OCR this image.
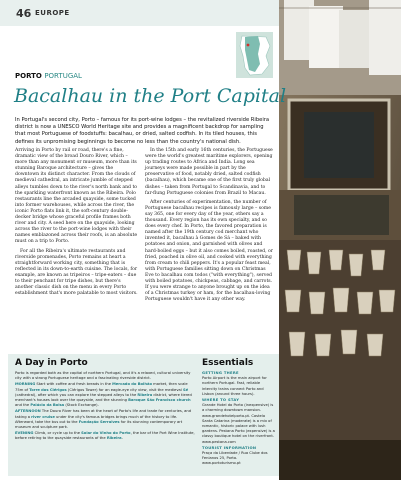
46 EUROPE
PORTO PORTUGAL
Bacalhau in the Port Capital
In Portugal's second city, Porto – famous for its port-wine lodges – the revitalized riverside Ribeira district is now a UNESCO World Heritage site and provides a magnificent backdrop for sampling that most Portuguese of foodstuffs: bacalhau, or dried, salted codfish. In its tiled houses, this defines its unpromising beginnings to become no less than the country's national dish.

Arriving in Porto by rail or road, there's a fine, dramatic view of the broad Douro River, which – more than any monument or museum, more than its stunning Baroque architecture – gives the downtown its distinct character. From the clouds of medieval cathedral, an intricate jumble of stepped alleys tumbles down to the river's north bank and to the sparkling waterfront known as the Ribeira. Polo restaurants line the arcaded quayside, some tucked into former warehouses, while across the river, the iconic Porto flats link it, the soft-century double-decker bridge whose graceful profile frames both river and city. A seed here on the quayside, looking across the river to the port-wine lodges with their names emblazoned across their roofs, is an absolute must on a trip to Porto.

For all the Ribeira's ultimate restaurants and riverside promenades, Porto remains at heart a straightforward working city, something that is reflected in its down-to-earth cuisine. The locals, for example, are known as tripeiros – tripe-eaters – due to their penchant for tripe dishes, but there's another classic dish on the menu in every Porto establishment that's more palatable to most visitors.

In the 15th and early 16th centuries, the Portuguese were the world's greatest maritime explorers, opening up trading routes to Africa and India. Long sea journeys were made possible in part by the preservative of food, notably dried, salted codfish (bacalhau), which became one of the first truly global dishes – taken from Portugal to Scandinavia, and to far-flung Portuguese colonies from Brazil to Macau.

After centuries of experimentation, the number of Portuguese bacalhau recipes is famously large – some say 365, one for every day of the year, others say a thousand. Every region has its own specialty, and so does every chef. In Porto, the favored preparation is named after the 19th century cod merchant who invented it, bacalhau à Gomes de Sá – baked with potatoes and onion, and garnished with olives and hard-boiled eggs – but it also comes boiled, roasted, or fried, poached in olive oil, and cooked with everything from cream to chili peppers. It's a popular feast meal, with Portuguese families sitting down on Christmas Eve to bacalhau com todos ("with everything"), served with boiled potatoes, chickpeas, cabbage, and carrots. If you were strange to anyone brought up on the idea of a Christmas turkey or ham, for the bacalhau-loving Portuguese wouldn't have it any other way.

A Day in Porto

Porto is regarded both as the capital of northern Portugal, and it's a relaxed, cultural university city with a strong Portuguese heritage and a fascinating riverside district.

MORNING Start with coffee and fresh breads in the Mercado do Bolhão market, then scale 75m of Torre dos Clérigos (Clérigos Tower) for an eagle-eye city view, visit the medieval Sé (cathedral), after which you can explore the stepped alleys to the Ribeira district, where tiered merchant's houses look over the quayside, and the stunning Baroque São Francisco church and the Palácio da Bolsa (Stock Exchange).

AFTERNOON The Douro River has been at the heart of Porto's life and trade for centuries, and taking a river cruise under the city's famous bridges brings much of the history to life. Afterward, take the bus out to the Fundação Serralves for its stunning contemporary art museum and sculpture park.

EVENING Climb, or cycle up to the Solar do Vinho do Porto, the bar of the Port Wine Institute, before retiring to the quayside restaurants of the Ribeira.

Essentials

GETTING THERE
Porto Airport is the main airport for northern Portugal. Fast, reliable intercity trains connect Porto and Lisbon (around three hours).

WHERE TO STAY
Grande Hotel do Porto (inexpensive) is a charming downtown mansion. www.grandehotelporto.pt. Castelo Santa Catarina (moderate) is a mix of romantic, historic palace with lush gardens. Pestana Porto (expensive) is a classy boutique hotel on the riverfront. www.pestana.com

TOURIST INFORMATION
Praça da Liberdade / Rua Clube dos Fenianos 25, Porto. www.portoturismo.pt
